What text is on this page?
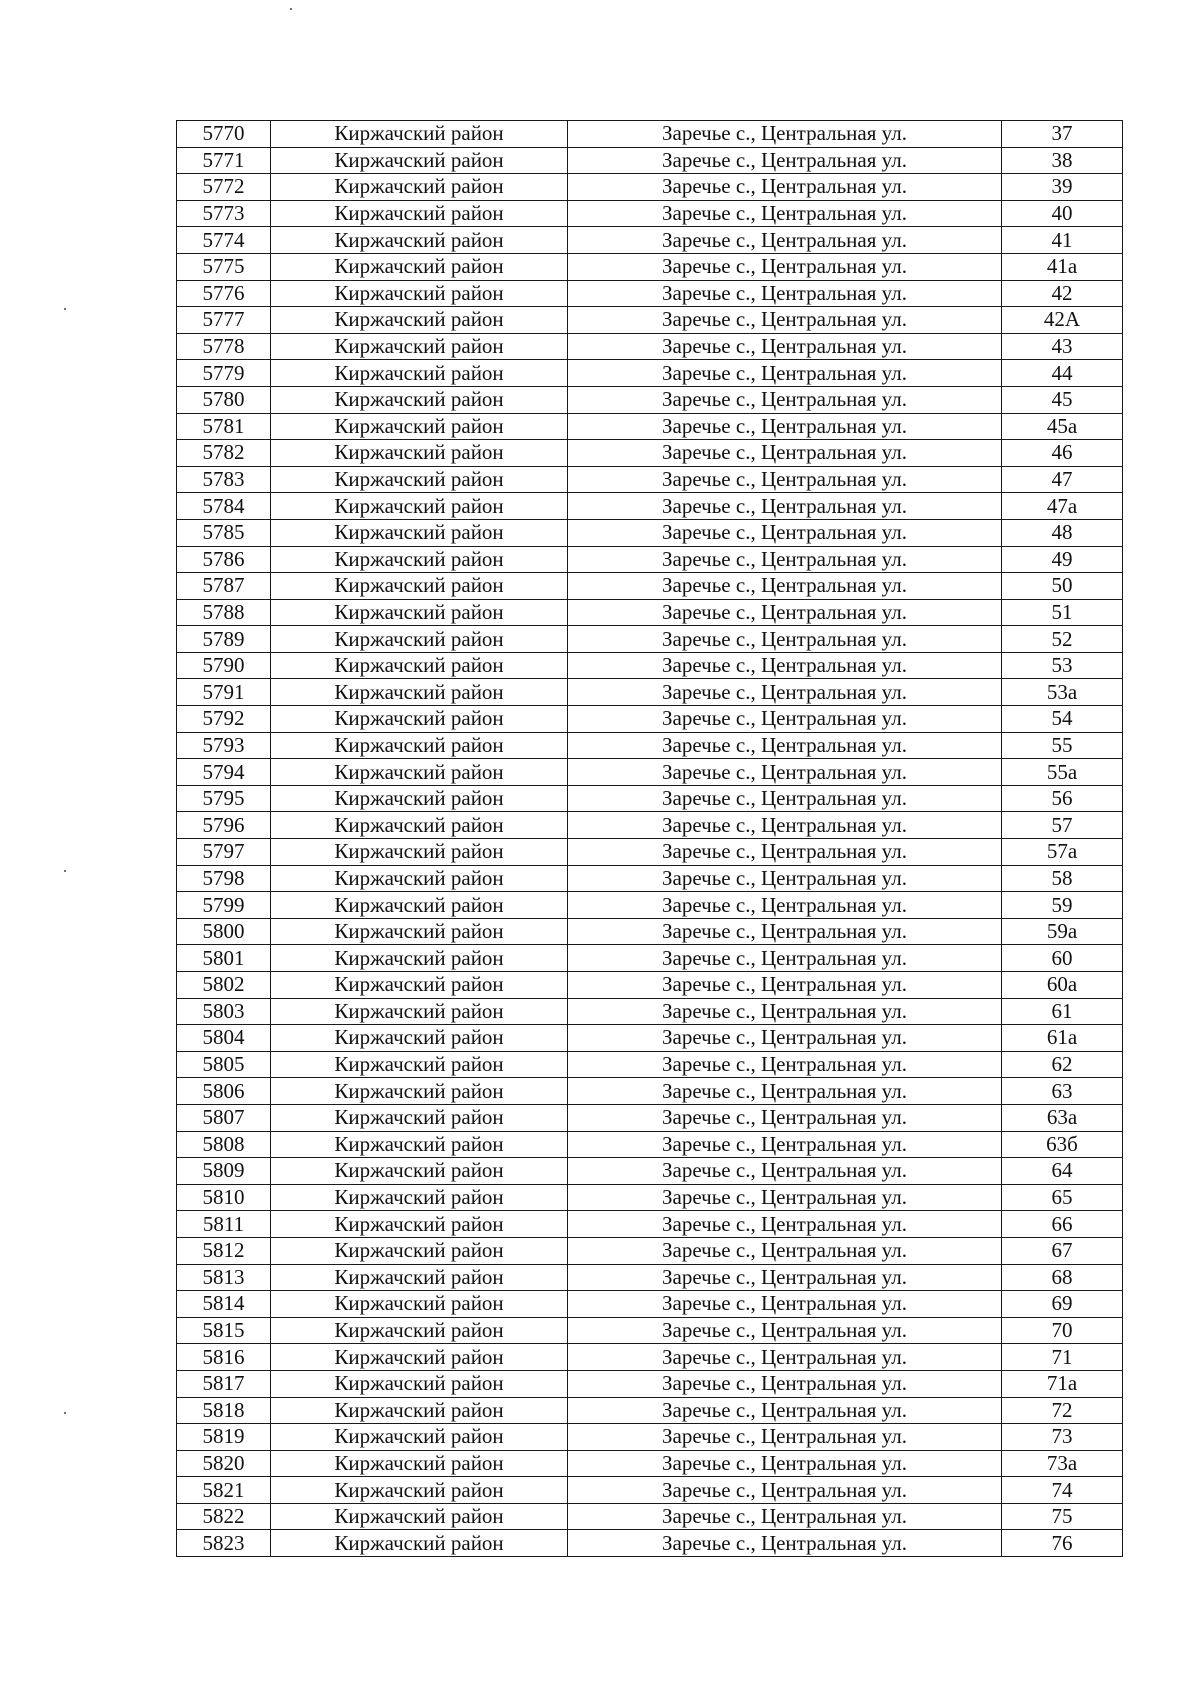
5770	Киржачский район	Заречье с., Центральная ул.	37
5771	Киржачский район	Заречье с., Центральная ул.	38
5772	Киржачский район	Заречье с., Центральная ул.	39
5773	Киржачский район	Заречье с., Центральная ул.	40
5774	Киржачский район	Заречье с., Центральная ул.	41
5775	Киржачский район	Заречье с., Центральная ул.	41а
5776	Киржачский район	Заречье с., Центральная ул.	42
5777	Киржачский район	Заречье с., Центральная ул.	42А
5778	Киржачский район	Заречье с., Центральная ул.	43
5779	Киржачский район	Заречье с., Центральная ул.	44
5780	Киржачский район	Заречье с., Центральная ул.	45
5781	Киржачский район	Заречье с., Центральная ул.	45а
5782	Киржачский район	Заречье с., Центральная ул.	46
5783	Киржачский район	Заречье с., Центральная ул.	47
5784	Киржачский район	Заречье с., Центральная ул.	47а
5785	Киржачский район	Заречье с., Центральная ул.	48
5786	Киржачский район	Заречье с., Центральная ул.	49
5787	Киржачский район	Заречье с., Центральная ул.	50
5788	Киржачский район	Заречье с., Центральная ул.	51
5789	Киржачский район	Заречье с., Центральная ул.	52
5790	Киржачский район	Заречье с., Центральная ул.	53
5791	Киржачский район	Заречье с., Центральная ул.	53а
5792	Киржачский район	Заречье с., Центральная ул.	54
5793	Киржачский район	Заречье с., Центральная ул.	55
5794	Киржачский район	Заречье с., Центральная ул.	55а
5795	Киржачский район	Заречье с., Центральная ул.	56
5796	Киржачский район	Заречье с., Центральная ул.	57
5797	Киржачский район	Заречье с., Центральная ул.	57а
5798	Киржачский район	Заречье с., Центральная ул.	58
5799	Киржачский район	Заречье с., Центральная ул.	59
5800	Киржачский район	Заречье с., Центральная ул.	59а
5801	Киржачский район	Заречье с., Центральная ул.	60
5802	Киржачский район	Заречье с., Центральная ул.	60а
5803	Киржачский район	Заречье с., Центральная ул.	61
5804	Киржачский район	Заречье с., Центральная ул.	61а
5805	Киржачский район	Заречье с., Центральная ул.	62
5806	Киржачский район	Заречье с., Центральная ул.	63
5807	Киржачский район	Заречье с., Центральная ул.	63а
5808	Киржачский район	Заречье с., Центральная ул.	63б
5809	Киржачский район	Заречье с., Центральная ул.	64
5810	Киржачский район	Заречье с., Центральная ул.	65
5811	Киржачский район	Заречье с., Центральная ул.	66
5812	Киржачский район	Заречье с., Центральная ул.	67
5813	Киржачский район	Заречье с., Центральная ул.	68
5814	Киржачский район	Заречье с., Центральная ул.	69
5815	Киржачский район	Заречье с., Центральная ул.	70
5816	Киржачский район	Заречье с., Центральная ул.	71
5817	Киржачский район	Заречье с., Центральная ул.	71а
5818	Киржачский район	Заречье с., Центральная ул.	72
5819	Киржачский район	Заречье с., Центральная ул.	73
5820	Киржачский район	Заречье с., Центральная ул.	73а
5821	Киржачский район	Заречье с., Центральная ул.	74
5822	Киржачский район	Заречье с., Центральная ул.	75
5823	Киржачский район	Заречье с., Центральная ул.	76
